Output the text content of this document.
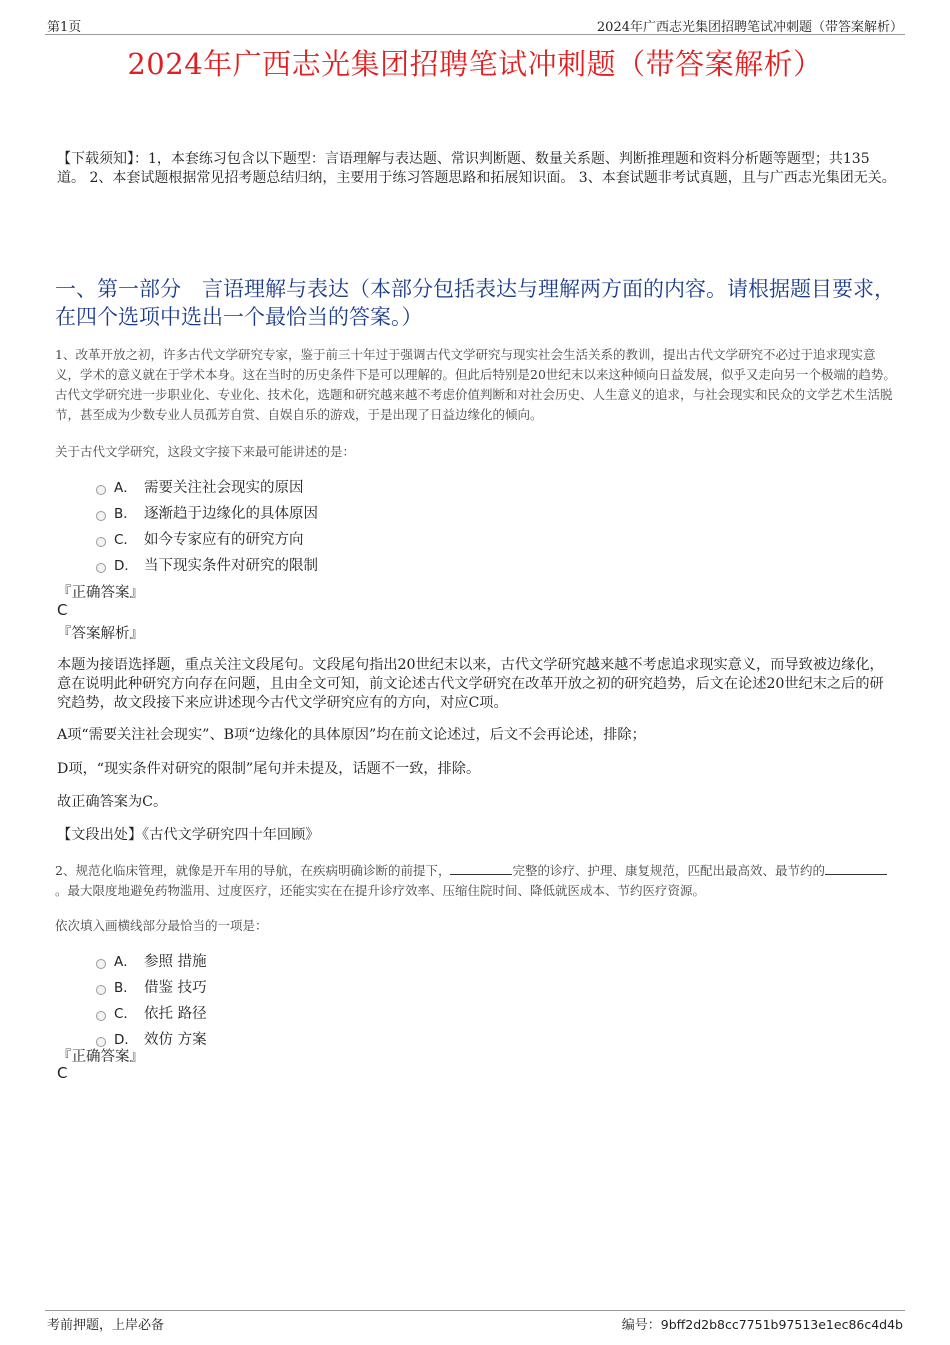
第1页	2024年广西志光集团招聘笔试冲刺题（带答案解析）
2024年广西志光集团招聘笔试冲刺题（带答案解析）
【下载须知】：1，本套练习包含以下题型：言语理解与表达题、常识判断题、数量关系题、判断推理题和资料分析题等题型；共135道。 2、本套试题根据常见招考题总结归纳，主要用于练习答题思路和拓展知识面。 3、本套试题非考试真题，且与广西志光集团无关。
一、第一部分　言语理解与表达（本部分包括表达与理解两方面的内容。请根据题目要求，在四个选项中选出一个最恰当的答案。）
1、改革开放之初，许多古代文学研究专家，鉴于前三十年过于强调古代文学研究与现实社会生活关系的教训，提出古代文学研究不必过于追求现实意义，学术的意义就在于学术本身。这在当时的历史条件下是可以理解的。但此后特别是20世纪末以来这种倾向日益发展，似乎又走向另一个极端的趋势。古代文学研究进一步职业化、专业化、技术化，选题和研究越来越不考虑价值判断和对社会历史、人生意义的追求，与社会现实和民众的文学艺术生活脱节，甚至成为少数专业人员孤芳自赏、自娱自乐的游戏，于是出现了日益边缘化的倾向。
关于古代文学研究，这段文字接下来最可能讲述的是：
A． 需要关注社会现实的原因
B． 逐渐趋于边缘化的具体原因
C． 如今专家应有的研究方向
D． 当下现实条件对研究的限制
『正确答案』
C
『答案解析』
本题为接语选择题，重点关注文段尾句。文段尾句指出20世纪末以来，古代文学研究越来越不考虑追求现实意义，而导致被边缘化，意在说明此种研究方向存在问题，且由全文可知，前文论述古代文学研究在改革开放之初的研究趋势，后文在论述20世纪末之后的研究趋势，故文段接下来应讲述现今古代文学研究应有的方向，对应C项。
A项“需要关注社会现实”、B项“边缘化的具体原因”均在前文论述过，后文不会再论述，排除；
D项，“现实条件对研究的限制”尾句并未提及，话题不一致，排除。
故正确答案为C。
【文段出处】《古代文学研究四十年回顾》
2、规范化临床管理，就像是开车用的导航，在疾病明确诊断的前提下，	完整的诊疗、护理、康复规范，匹配出最高效、最节约的。最大限度地避免药物滥用、过度医疗，还能实实在在提升诊疗效率、压缩住院时间、降低就医成本、节约医疗资源。
依次填入画横线部分最恰当的一项是：
A． 参照 措施
B． 借鉴 技巧
C． 依托 路径
D． 效仿 方案
『正确答案』
C
考前押题，上岸必备	编号：9bff2d2b8cc7751b97513e1ec86c4d4b
